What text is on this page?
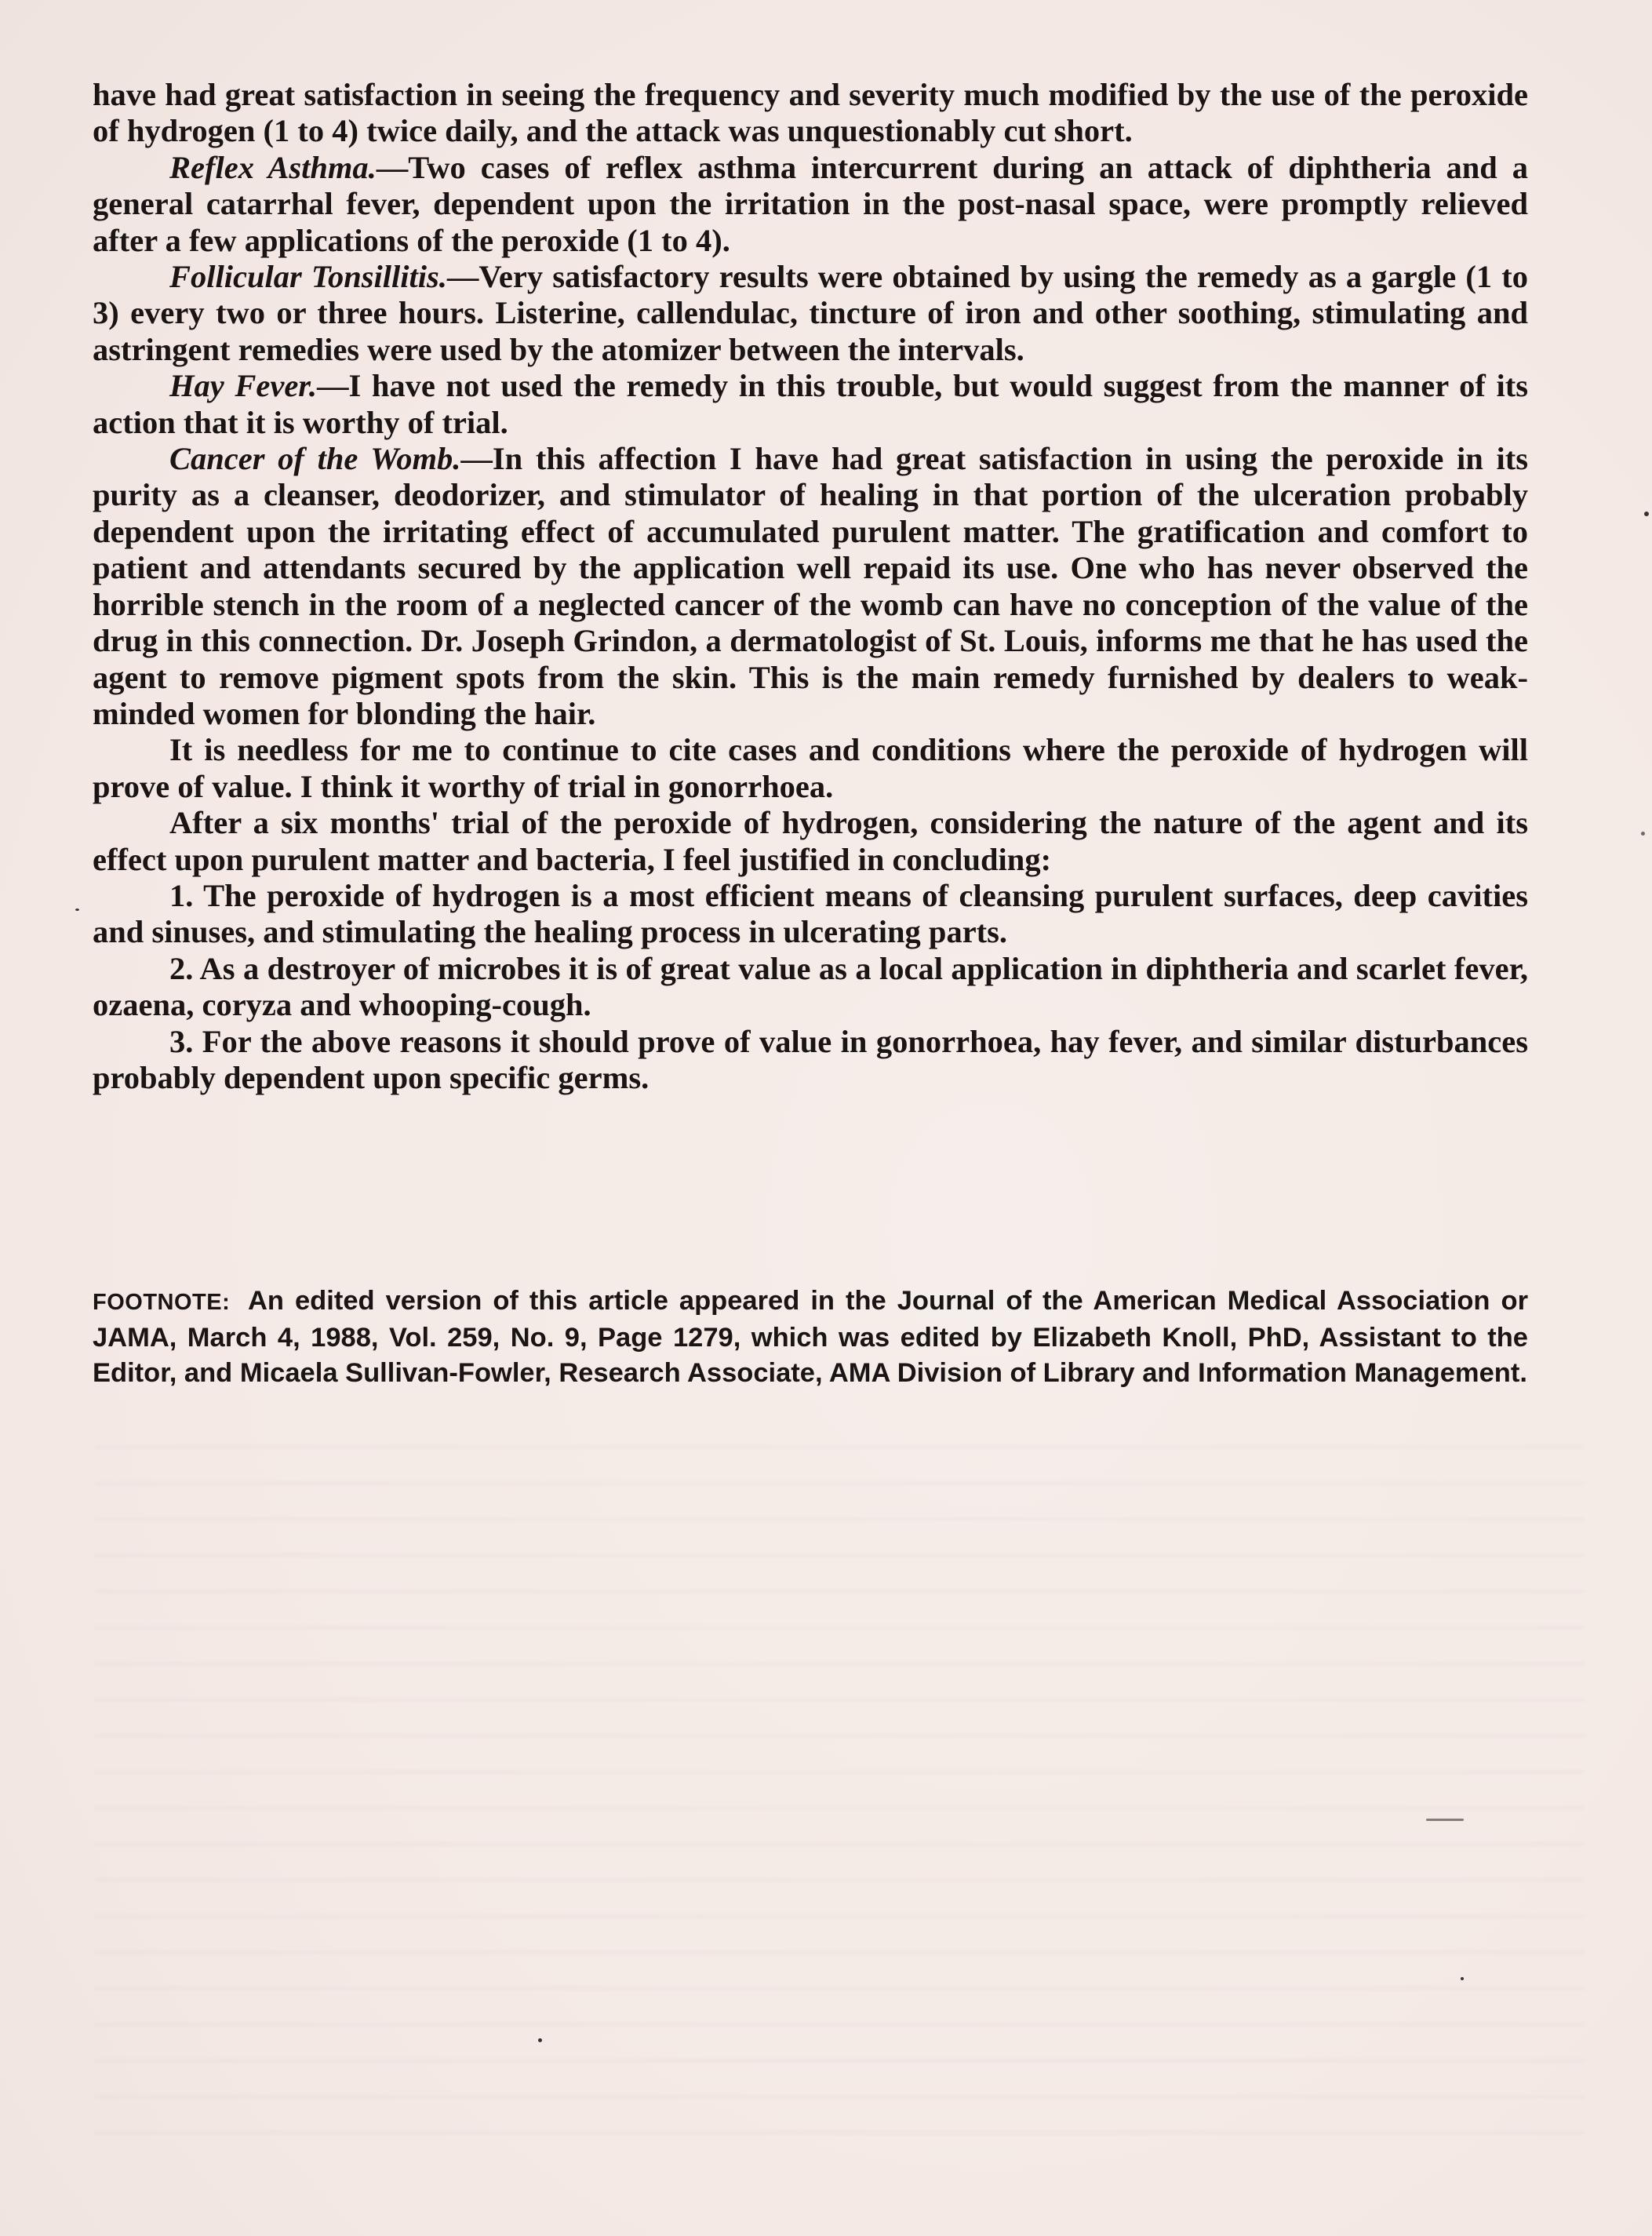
have had great satisfaction in seeing the frequency and severity much modified by the use of the peroxide of hydrogen (1 to 4) twice daily, and the attack was unquestionably cut short.

Reflex Asthma.—Two cases of reflex asthma intercurrent during an attack of diphtheria and a general catarrhal fever, dependent upon the irritation in the post-nasal space, were promptly relieved after a few applications of the peroxide (1 to 4).

Follicular Tonsillitis.—Very satisfactory results were obtained by using the remedy as a gargle (1 to 3) every two or three hours. Listerine, callendulac, tincture of iron and other soothing, stimulating and astringent remedies were used by the atomizer between the intervals.

Hay Fever.—I have not used the remedy in this trouble, but would suggest from the manner of its action that it is worthy of trial.

Cancer of the Womb.—In this affection I have had great satisfaction in using the peroxide in its purity as a cleanser, deodorizer, and stimulator of healing in that portion of the ulceration probably dependent upon the irritating effect of accumulated purulent matter. The gratification and comfort to patient and attendants secured by the application well repaid its use. One who has never observed the horrible stench in the room of a neglected cancer of the womb can have no conception of the value of the drug in this connection. Dr. Joseph Grindon, a dermatologist of St. Louis, informs me that he has used the agent to remove pigment spots from the skin. This is the main remedy furnished by dealers to weak-minded women for blonding the hair.

It is needless for me to continue to cite cases and conditions where the peroxide of hydrogen will prove of value. I think it worthy of trial in gonorrhoea.

After a six months' trial of the peroxide of hydrogen, considering the nature of the agent and its effect upon purulent matter and bacteria, I feel justified in concluding:

1. The peroxide of hydrogen is a most efficient means of cleansing purulent surfaces, deep cavities and sinuses, and stimulating the healing process in ulcerating parts.

2. As a destroyer of microbes it is of great value as a local application in diphtheria and scarlet fever, ozaena, coryza and whooping-cough.

3. For the above reasons it should prove of value in gonorrhoea, hay fever, and similar disturbances probably dependent upon specific germs.

FOOTNOTE: An edited version of this article appeared in the Journal of the American Medical Association or JAMA, March 4, 1988, Vol. 259, No. 9, Page 1279, which was edited by Elizabeth Knoll, PhD, Assistant to the Editor, and Micaela Sullivan-Fowler, Research Associate, AMA Division of Library and Information Management.
